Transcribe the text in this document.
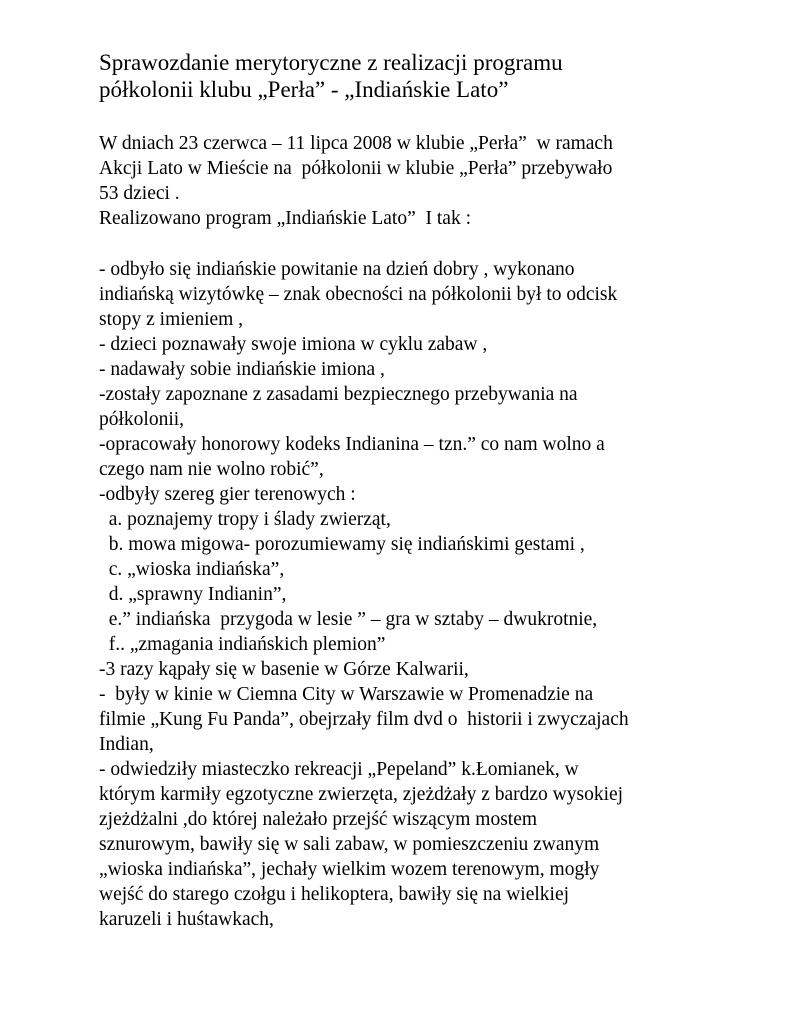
Sprawozdanie merytoryczne z realizacji programu
półkolonii klubu „Perła” - „Indiańskie Lato”
W dniach 23 czerwca – 11 lipca 2008 w klubie „Perła”  w ramach
Akcji Lato w Mieście na  półkolonii w klubie „Perła” przebywało
53 dzieci .
Realizowano program „Indiańskie Lato”  I tak :
- odbyło się indiańskie powitanie na dzień dobry , wykonano
indiańską wizytówkę – znak obecności na półkolonii był to odcisk
stopy z imieniem ,
- dzieci poznawały swoje imiona w cyklu zabaw ,
- nadawały sobie indiańskie imiona ,
-zostały zapoznane z zasadami bezpiecznego przebywania na
półkolonii,
-opracowały honorowy kodeks Indianina – tzn.” co nam wolno a
czego nam nie wolno robić”,
-odbyły szereg gier terenowych :
a. poznajemy tropy i ślady zwierząt,
b. mowa migowa- porozumiewamy się indiańskimi gestami ,
c. „wioska indiańska”,
d. „sprawny Indianin”,
e.” indiańska  przygoda w lesie ” – gra w sztaby – dwukrotnie,
f.. „zmagania indiańskich plemion”
-3 razy kąpały się w basenie w Górze Kalwarii,
-  były w kinie w Ciemna City w Warszawie w Promenadzie na
filmie „Kung Fu Panda”, obejrzały film dvd o  historii i zwyczajach
Indian,
- odwiedziły miasteczko rekreacji „Pepeland” k.Łomianek, w
którym karmiły egzotyczne zwierzęta, zjeżdżały z bardzo wysokiej
zjeżdżalni ,do której należało przejść wiszącym mostem
sznurowym, bawiły się w sali zabaw, w pomieszczeniu zwanym
„wioska indiańska”, jechały wielkim wozem terenowym, mogły
wejść do starego czołgu i helikoptera, bawiły się na wielkiej
karuzeli i huśtawkach,
